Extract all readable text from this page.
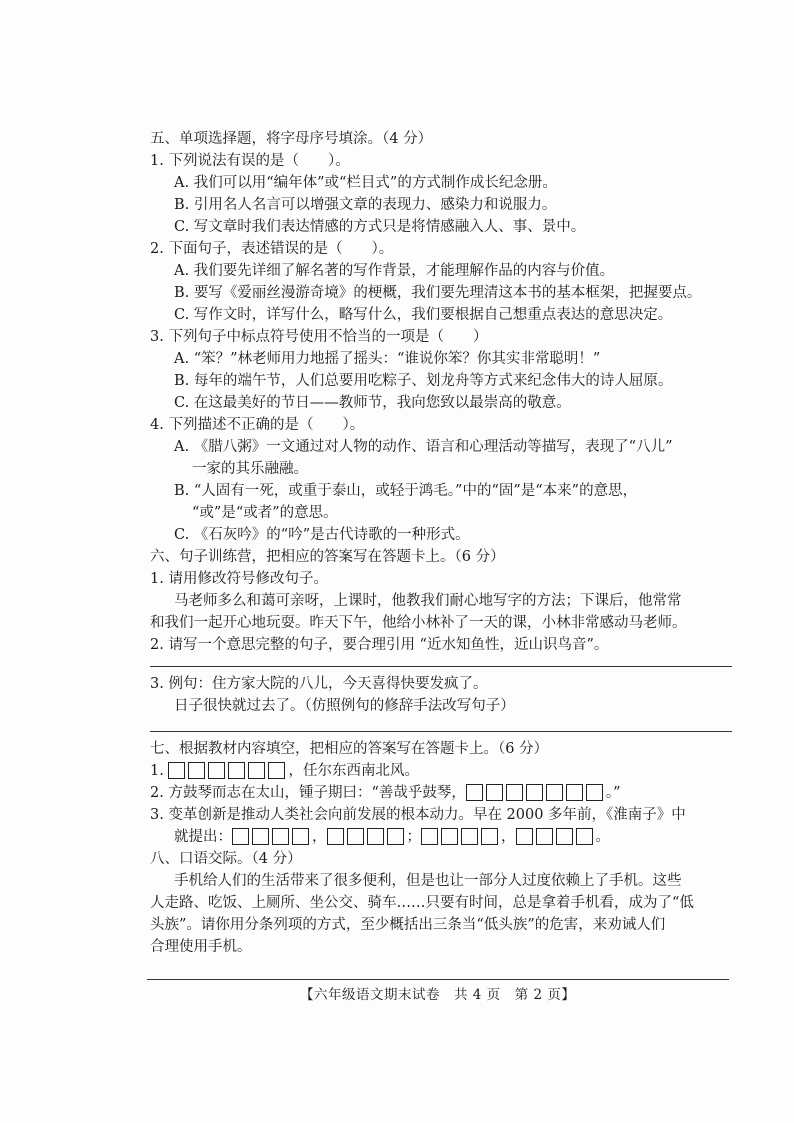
五、单项选择题，将字母序号填涂。（4 分）
1. 下列说法有误的是（　　）。
A. 我们可以用“编年体”或“栏目式”的方式制作成长纪念册。
B. 引用名人名言可以增强文章的表现力、感染力和说服力。
C. 写文章时我们表达情感的方式只是将情感融入人、事、景中。
2. 下面句子，表述错误的是（　　）。
A. 我们要先详细了解名著的写作背景，才能理解作品的内容与价值。
B. 要写《爱丽丝漫游奇境》的梗概，我们要先理清这本书的基本框架，把握要点。
C. 写作文时，详写什么，略写什么，我们要根据自己想重点表达的意思决定。
3. 下列句子中标点符号使用不恰当的一项是（　　）
A. “笨？”林老师用力地摇了摇头：“谁说你笨？你其实非常聪明！”
B. 每年的端午节，人们总要用吃粽子、划龙舟等方式来纪念伟大的诗人屈原。
C. 在这最美好的节日——教师节，我向您致以最崇高的敬意。
4. 下列描述不正确的是（　　）。
A. 《腊八粥》一文通过对人物的动作、语言和心理活动等描写，表现了“八儿”
一家的其乐融融。
B. “人固有一死，或重于泰山，或轻于鸿毛。”中的“固”是“本来”的意思，
“或”是“或者”的意思。
C. 《石灰吟》的“吟”是古代诗歌的一种形式。
六、句子训练营，把相应的答案写在答题卡上。（6 分）
1. 请用修改符号修改句子。
马老师多么和蔼可亲呀，上课时，他教我们耐心地写字的方法；下课后，他常常
和我们一起开心地玩耍。昨天下午，他给小林补了一天的课，小林非常感动马老师。
2. 请写一个意思完整的句子，要合理引用 “近水知鱼性，近山识鸟音”。
3. 例句：住方家大院的八儿，今天喜得快要发疯了。
日子很快就过去了。（仿照例句的修辞手法改写句子）
七、根据教材内容填空，把相应的答案写在答题卡上。（6 分）
1.	，任尔东西南北风。
2. 方鼓琴而志在太山，锺子期曰：“善哉乎鼓琴，	。”
3. 变革创新是推动人类社会向前发展的根本动力。早在 2000 多年前，《淮南子》中
就提出：	，	；	，	。
八、口语交际。（4 分）
手机给人们的生活带来了很多便利，但是也让一部分人过度依赖上了手机。这些
人走路、吃饭、上厕所、坐公交、骑车……只要有时间，总是拿着手机看，成为了“低
头族”。请你用分条列项的方式，至少概括出三条当“低头族”的危害，来劝诫人们
合理使用手机。
【六年级语文期末试卷　共 4 页　第 2 页】
